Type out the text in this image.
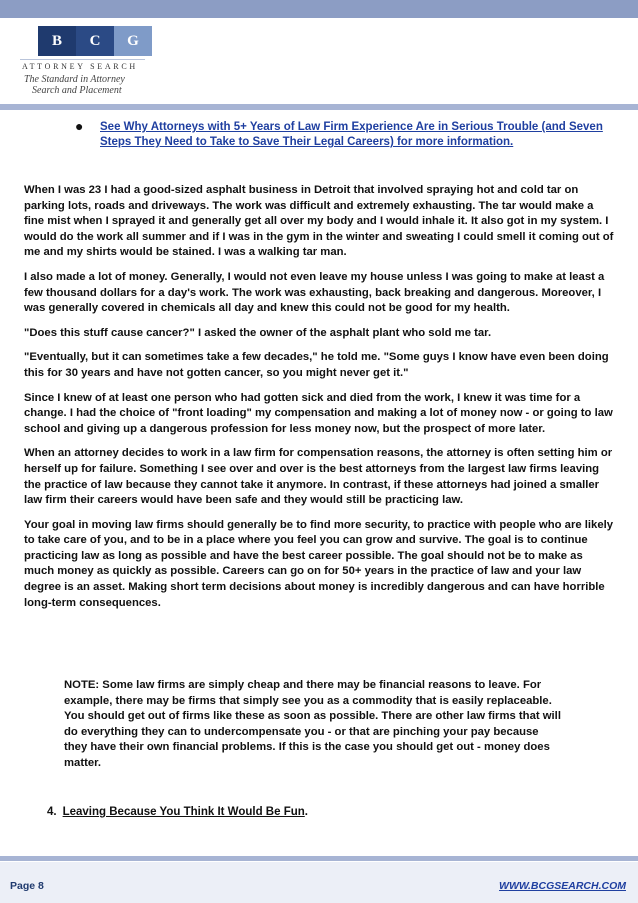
B	C	G
ATTORNEY SEARCH
The Standard in Attorney
Search and Placement
● See Why Attorneys with 5+ Years of Law Firm Experience Are in Serious Trouble (and Seven Steps They Need to Take to Save Their Legal Careers) for more information.

When I was 23 I had a good-sized asphalt business in Detroit that involved spraying hot and cold tar on parking lots, roads and driveways. The work was difficult and extremely exhausting. The tar would make a fine mist when I sprayed it and generally get all over my body and I would inhale it. It also got in my system. I would do the work all summer and if I was in the gym in the winter and sweating I could smell it coming out of me and my shirts would be stained. I was a walking tar man.

I also made a lot of money. Generally, I would not even leave my house unless I was going to make at least a few thousand dollars for a day's work. The work was exhausting, back breaking and dangerous. Moreover, I was generally covered in chemicals all day and knew this could not be good for my health.

"Does this stuff cause cancer?" I asked the owner of the asphalt plant who sold me tar.

"Eventually, but it can sometimes take a few decades," he told me. "Some guys I know have even been doing this for 30 years and have not gotten cancer, so you might never get it."

Since I knew of at least one person who had gotten sick and died from the work, I knew it was time for a change. I had the choice of "front loading" my compensation and making a lot of money now - or going to law school and giving up a dangerous profession for less money now, but the prospect of more later.

When an attorney decides to work in a law firm for compensation reasons, the attorney is often setting him or herself up for failure. Something I see over and over is the best attorneys from the largest law firms leaving the practice of law because they cannot take it anymore. In contrast, if these attorneys had joined a smaller law firm their careers would have been safe and they would still be practicing law.

Your goal in moving law firms should generally be to find more security, to practice with people who are likely to take care of you, and to be in a place where you feel you can grow and survive. The goal is to continue practicing law as long as possible and have the best career possible. The goal should not be to make as much money as quickly as possible. Careers can go on for 50+ years in the practice of law and your law degree is an asset. Making short term decisions about money is incredibly dangerous and can have horrible long-term consequences.

NOTE: Some law firms are simply cheap and there may be financial reasons to leave. For example, there may be firms that simply see you as a commodity that is easily replaceable. You should get out of firms like these as soon as possible. There are other law firms that will do everything they can to undercompensate you - or that are pinching your pay because they have their own financial problems. If this is the case you should get out - money does matter.
4. Leaving Because You Think It Would Be Fun.
Page 8	WWW.BCGSEARCH.COM
